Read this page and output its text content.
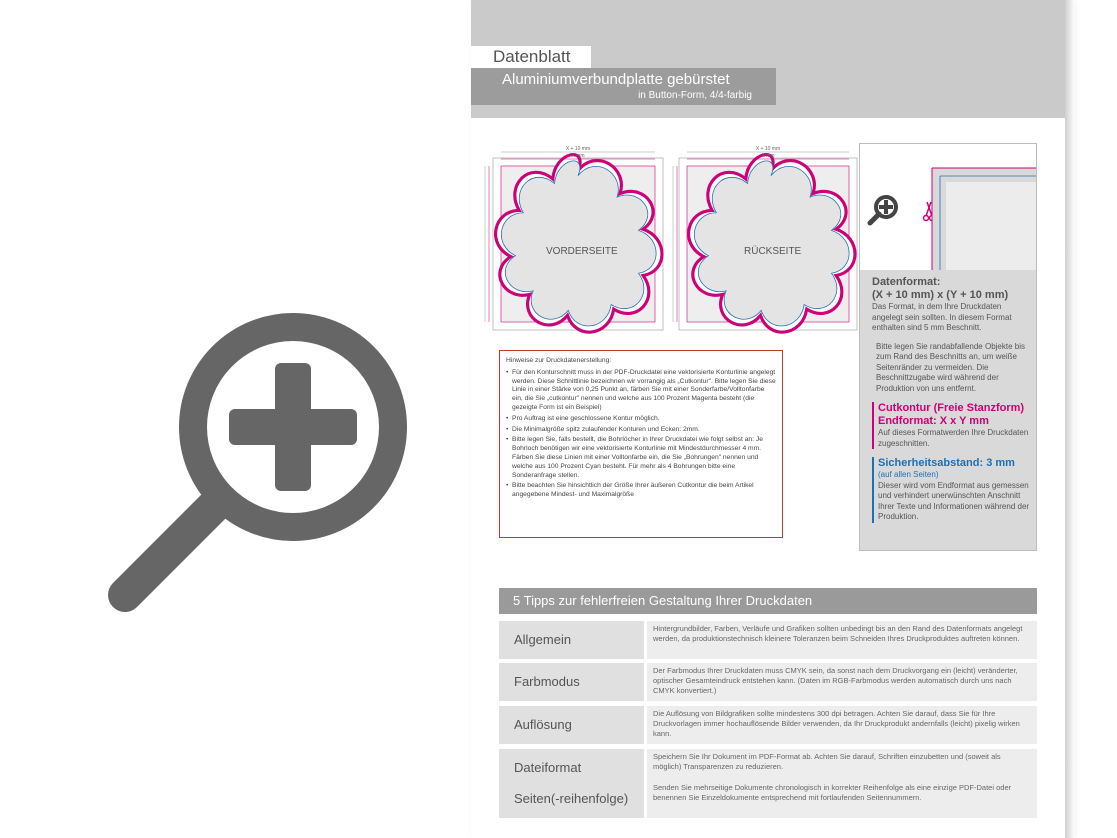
Datenblatt
Aluminiumverbundplatte gebürstet
in Button-Form, 4/4-farbig
X + 10 mm
X mm
VORDERSEITE
X + 10 mm
X mm
RÜCKSEITE
Datenformat:
(X + 10 mm) x (Y + 10 mm)
Das Format, in dem Ihre Druckdaten angelegt sein sollten. In diesem Format enthalten sind 5 mm Beschnitt.
Bitte legen Sie randabfallende Objekte bis zum Rand des Beschnitts an, um weiße Seitenränder zu vermeiden. Die Beschnittzugabe wird während der Produktion von uns entfernt.
Cutkontur (Freie Stanzform)
Endformat: X x Y mm
Auf dieses Formatwerden Ihre Druckdaten zugeschnitten.
Sicherheitsabstand: 3 mm
(auf allen Seiten)
Dieser wird vom Endformat aus gemessen und verhindert unerwünschten Anschnitt Ihrer Texte und Informationen während der Produktion.
Hinweise zur Druckdatenerstellung:
• Für den Konturschnitt muss in der PDF-Druckdatei eine vektorisierte Konturlinie angelegt werden. Diese Schnittlinie bezeichnen wir vorrangig als „Cutkontur". Bitte legen Sie diese Linie in einer Stärke von 0,25 Punkt an, färben Sie mit einer Sonderfarbe/Volltonfarbe ein, die Sie „cutkontur" nennen und welche aus 100 Prozent Magenta besteht (die gezeigte Form ist ein Beispiel)
• Pro Auftrag ist eine geschlossene Kontur möglich.
• Die Minimalgröße spitz zulaufender Konturen und Ecken: 2mm.
• Bitte legen Sie, falls bestellt, die Bohrlöcher in Ihrer Druckdatei wie folgt selbst an: Je Bohrloch benötigen wir eine vektorisierte Konturlinie mit Mindestdurchmesser 4 mm. Färben Sie diese Linien mit einer Volltonfarbe ein, die Sie „Bohrungen" nennen und welche aus 100 Prozent Cyan besteht. Für mehr als 4 Bohrungen bitte eine Sonderanfrage stellen.
• Bitte beachten Sie hinsichtlich der Größe Ihrer äußeren Cutkontur die beim Artikel angegebene Mindest- und Maximalgröße
5 Tipps zur fehlerfreien Gestaltung Ihrer Druckdaten
Allgemein
Hintergrundbilder, Farben, Verläufe und Grafiken sollten unbedingt bis an den Rand des Datenformats angelegt werden, da produktionstechnisch kleinere Toleranzen beim Schneiden Ihres Druckproduktes auftreten können.
Farbmodus
Der Farbmodus Ihrer Druckdaten muss CMYK sein, da sonst nach dem Druckvorgang ein (leicht) veränderter, optischer Gesamteindruck entstehen kann. (Daten im RGB-Farbmodus werden automatisch durch uns nach CMYK konvertiert.)
Auflösung
Die Auflösung von Bildgrafiken sollte mindestens 300 dpi betragen. Achten Sie darauf, dass Sie für Ihre Druckvorlagen immer hochauflösende Bilder verwenden, da Ihr Druckprodukt andernfalls (leicht) pixelig wirken kann.
Dateiformat
Speichern Sie Ihr Dokument im PDF-Format ab. Achten Sie darauf, Schriften einzubetten und (soweit als möglich) Transparenzen zu reduzieren.
Seiten(-reihenfolge)
Senden Sie mehrseitige Dokumente chronologisch in korrekter Reihenfolge als eine einzige PDF-Datei oder benennen Sie Einzeldokumente entsprechend mit fortlaufenden Seitennummern.
